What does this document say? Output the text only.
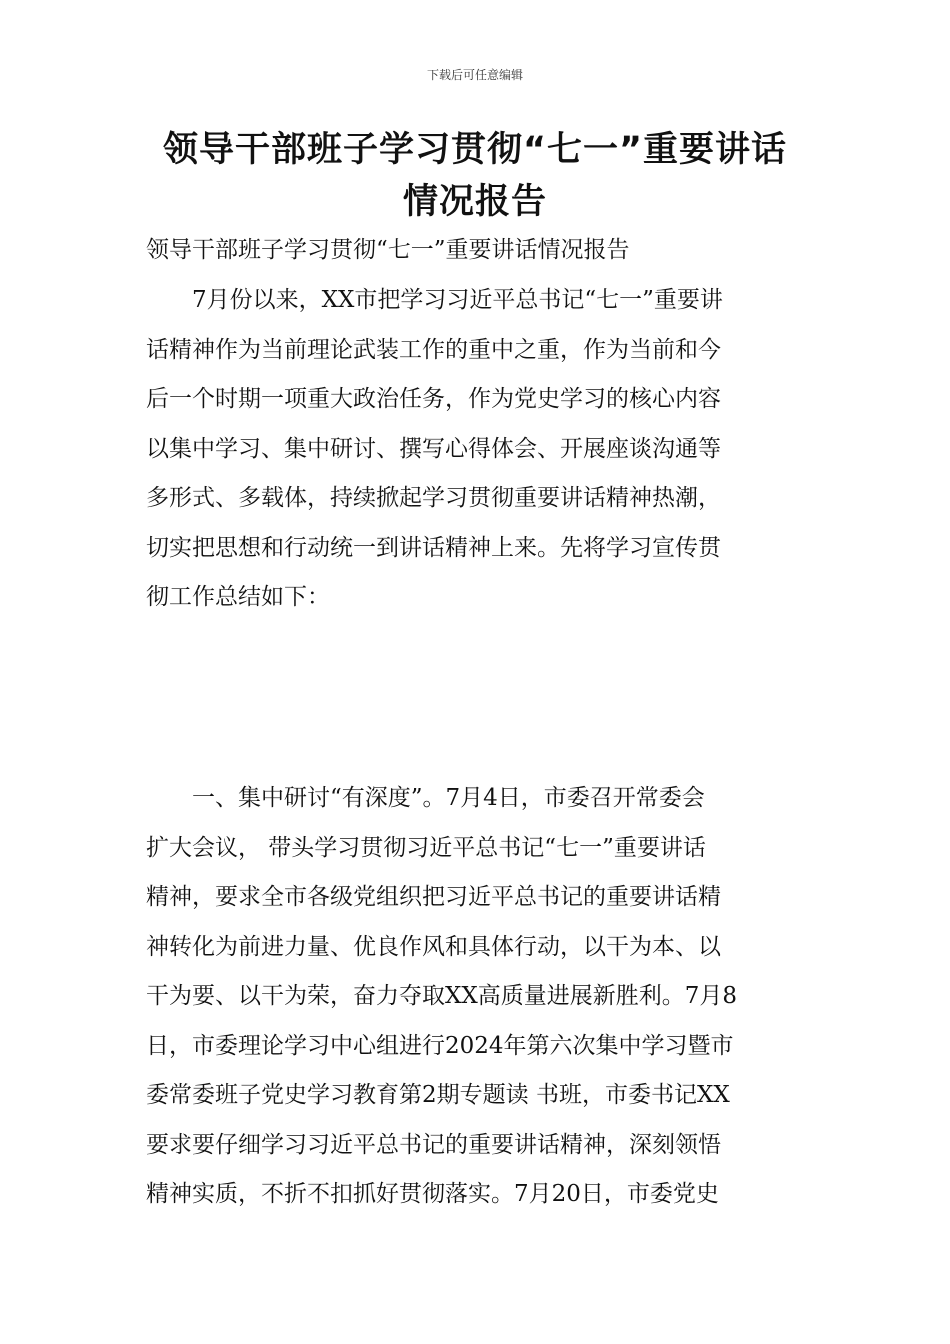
下载后可任意编辑
领导干部班子学习贯彻“七一”重要讲话
情况报告
领导干部班子学习贯彻“七一”重要讲话情况报告
7月份以来，XX市把学习习近平总书记“七一”重要讲
话精神作为当前理论武装工作的重中之重，作为当前和今
后一个时期一项重大政治任务，作为党史学习的核心内容
以集中学习、集中研讨、撰写心得体会、开展座谈沟通等
多形式、多载体，持续掀起学习贯彻重要讲话精神热潮，
切实把思想和行动统一到讲话精神上来。先将学习宣传贯
彻工作总结如下：
一、集中研讨“有深度”。7月4日，市委召开常委会
扩大会议， 带头学习贯彻习近平总书记“七一”重要讲话
精神，要求全市各级党组织把习近平总书记的重要讲话精
神转化为前进力量、优良作风和具体行动，以干为本、以
干为要、以干为荣，奋力夺取XX高质量进展新胜利。7月8
日，市委理论学习中心组进行2024年第六次集中学习暨市
委常委班子党史学习教育第2期专题读 书班，市委书记XX
要求要仔细学习习近平总书记的重要讲话精神，深刻领悟
精神实质，不折不扣抓好贯彻落实。7月20日，市委党史
